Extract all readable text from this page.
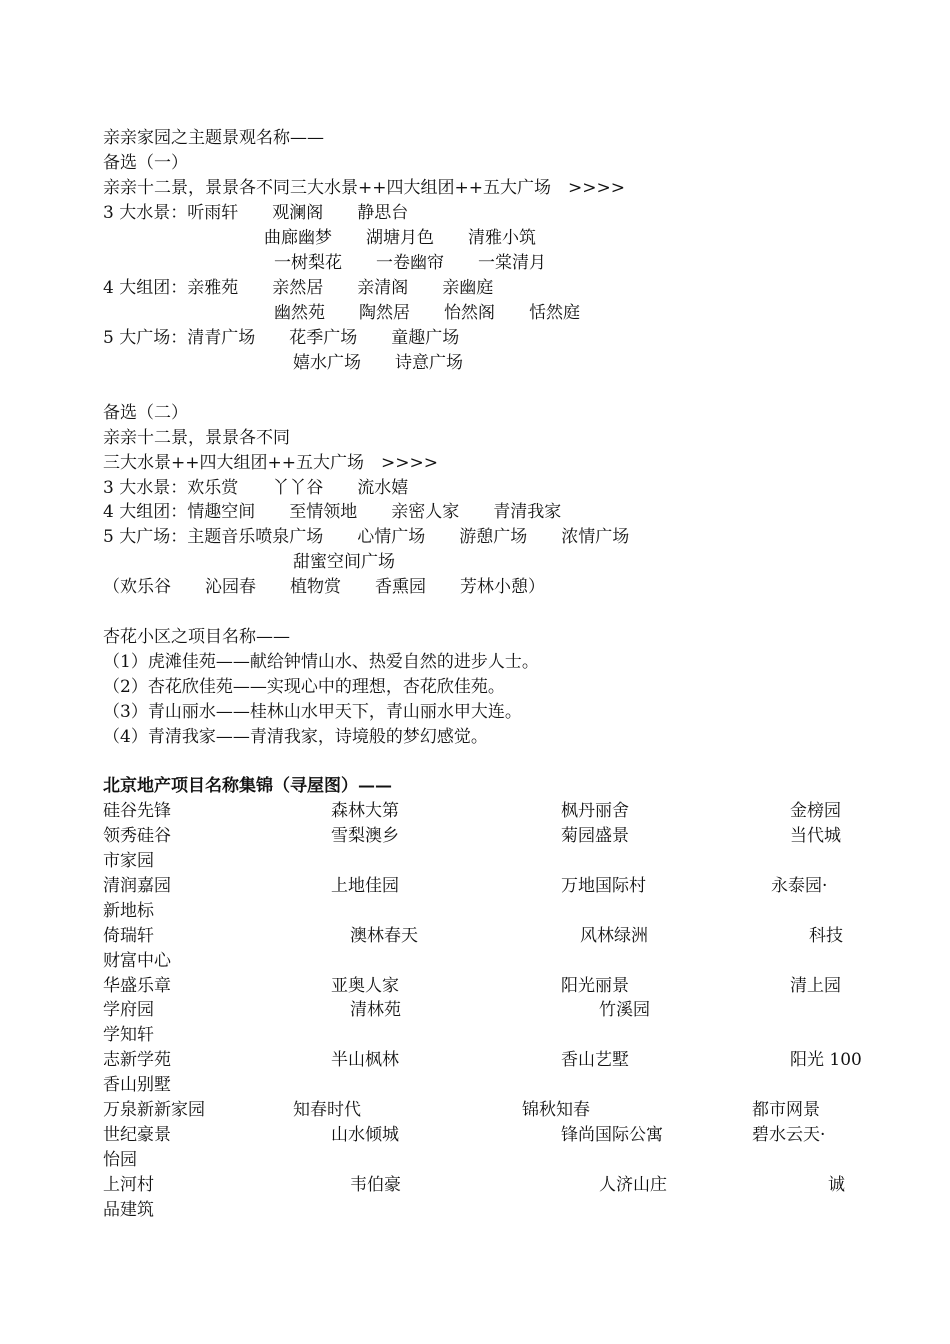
亲亲家园之主题景观名称——
备选（一）
亲亲十二景，景景各不同三大水景++四大组团++五大广场　>>>>
3 大水景：听雨轩　　观澜阁　　静思台
曲廊幽梦　　湖塘月色　　清雅小筑
一树梨花　　一卷幽帘　　一棠清月
4 大组团：亲雅苑　　亲然居　　亲清阁　　亲幽庭
幽然苑　　陶然居　　怡然阁　　恬然庭
5 大广场：清青广场　　花季广场　　童趣广场
嬉水广场　　诗意广场
备选（二）
亲亲十二景，景景各不同
三大水景++四大组团++五大广场　>>>>
3 大水景：欢乐赏　　丫丫谷　　流水嬉
4 大组团：情趣空间　　至情领地　　亲密人家　　青清我家
5 大广场：主题音乐喷泉广场　　心情广场　　游憩广场　　浓情广场
甜蜜空间广场
（欢乐谷　　沁园春　　植物赏　　香熏园　　芳林小憩）
杏花小区之项目名称——
（1）虎滩佳苑——献给钟情山水、热爱自然的进步人士。
（2）杏花欣佳苑——实现心中的理想，杏花欣佳苑。
（3）青山丽水——桂林山水甲天下，青山丽水甲大连。
（4）青清我家——青清我家，诗境般的梦幻感觉。
北京地产项目名称集锦（寻屋图）——
硅谷先锋	森林大第	枫丹丽舍	金榜园
领秀硅谷	雪梨澳乡	菊园盛景	当代城
市家园
清润嘉园	上地佳园	万地国际村	永泰园·
新地标
倚瑞轩	澳林春天	风林绿洲	科技
财富中心
华盛乐章	亚奥人家	阳光丽景	清上园
学府园	清林苑	竹溪园
学知轩
志新学苑	半山枫林	香山艺墅	阳光 100
香山别墅
万泉新新家园	知春时代	锦秋知春	都市网景
世纪豪景	山水倾城	锋尚国际公寓	碧水云天·
怡园
上河村	韦伯豪	人济山庄	诚
品建筑
